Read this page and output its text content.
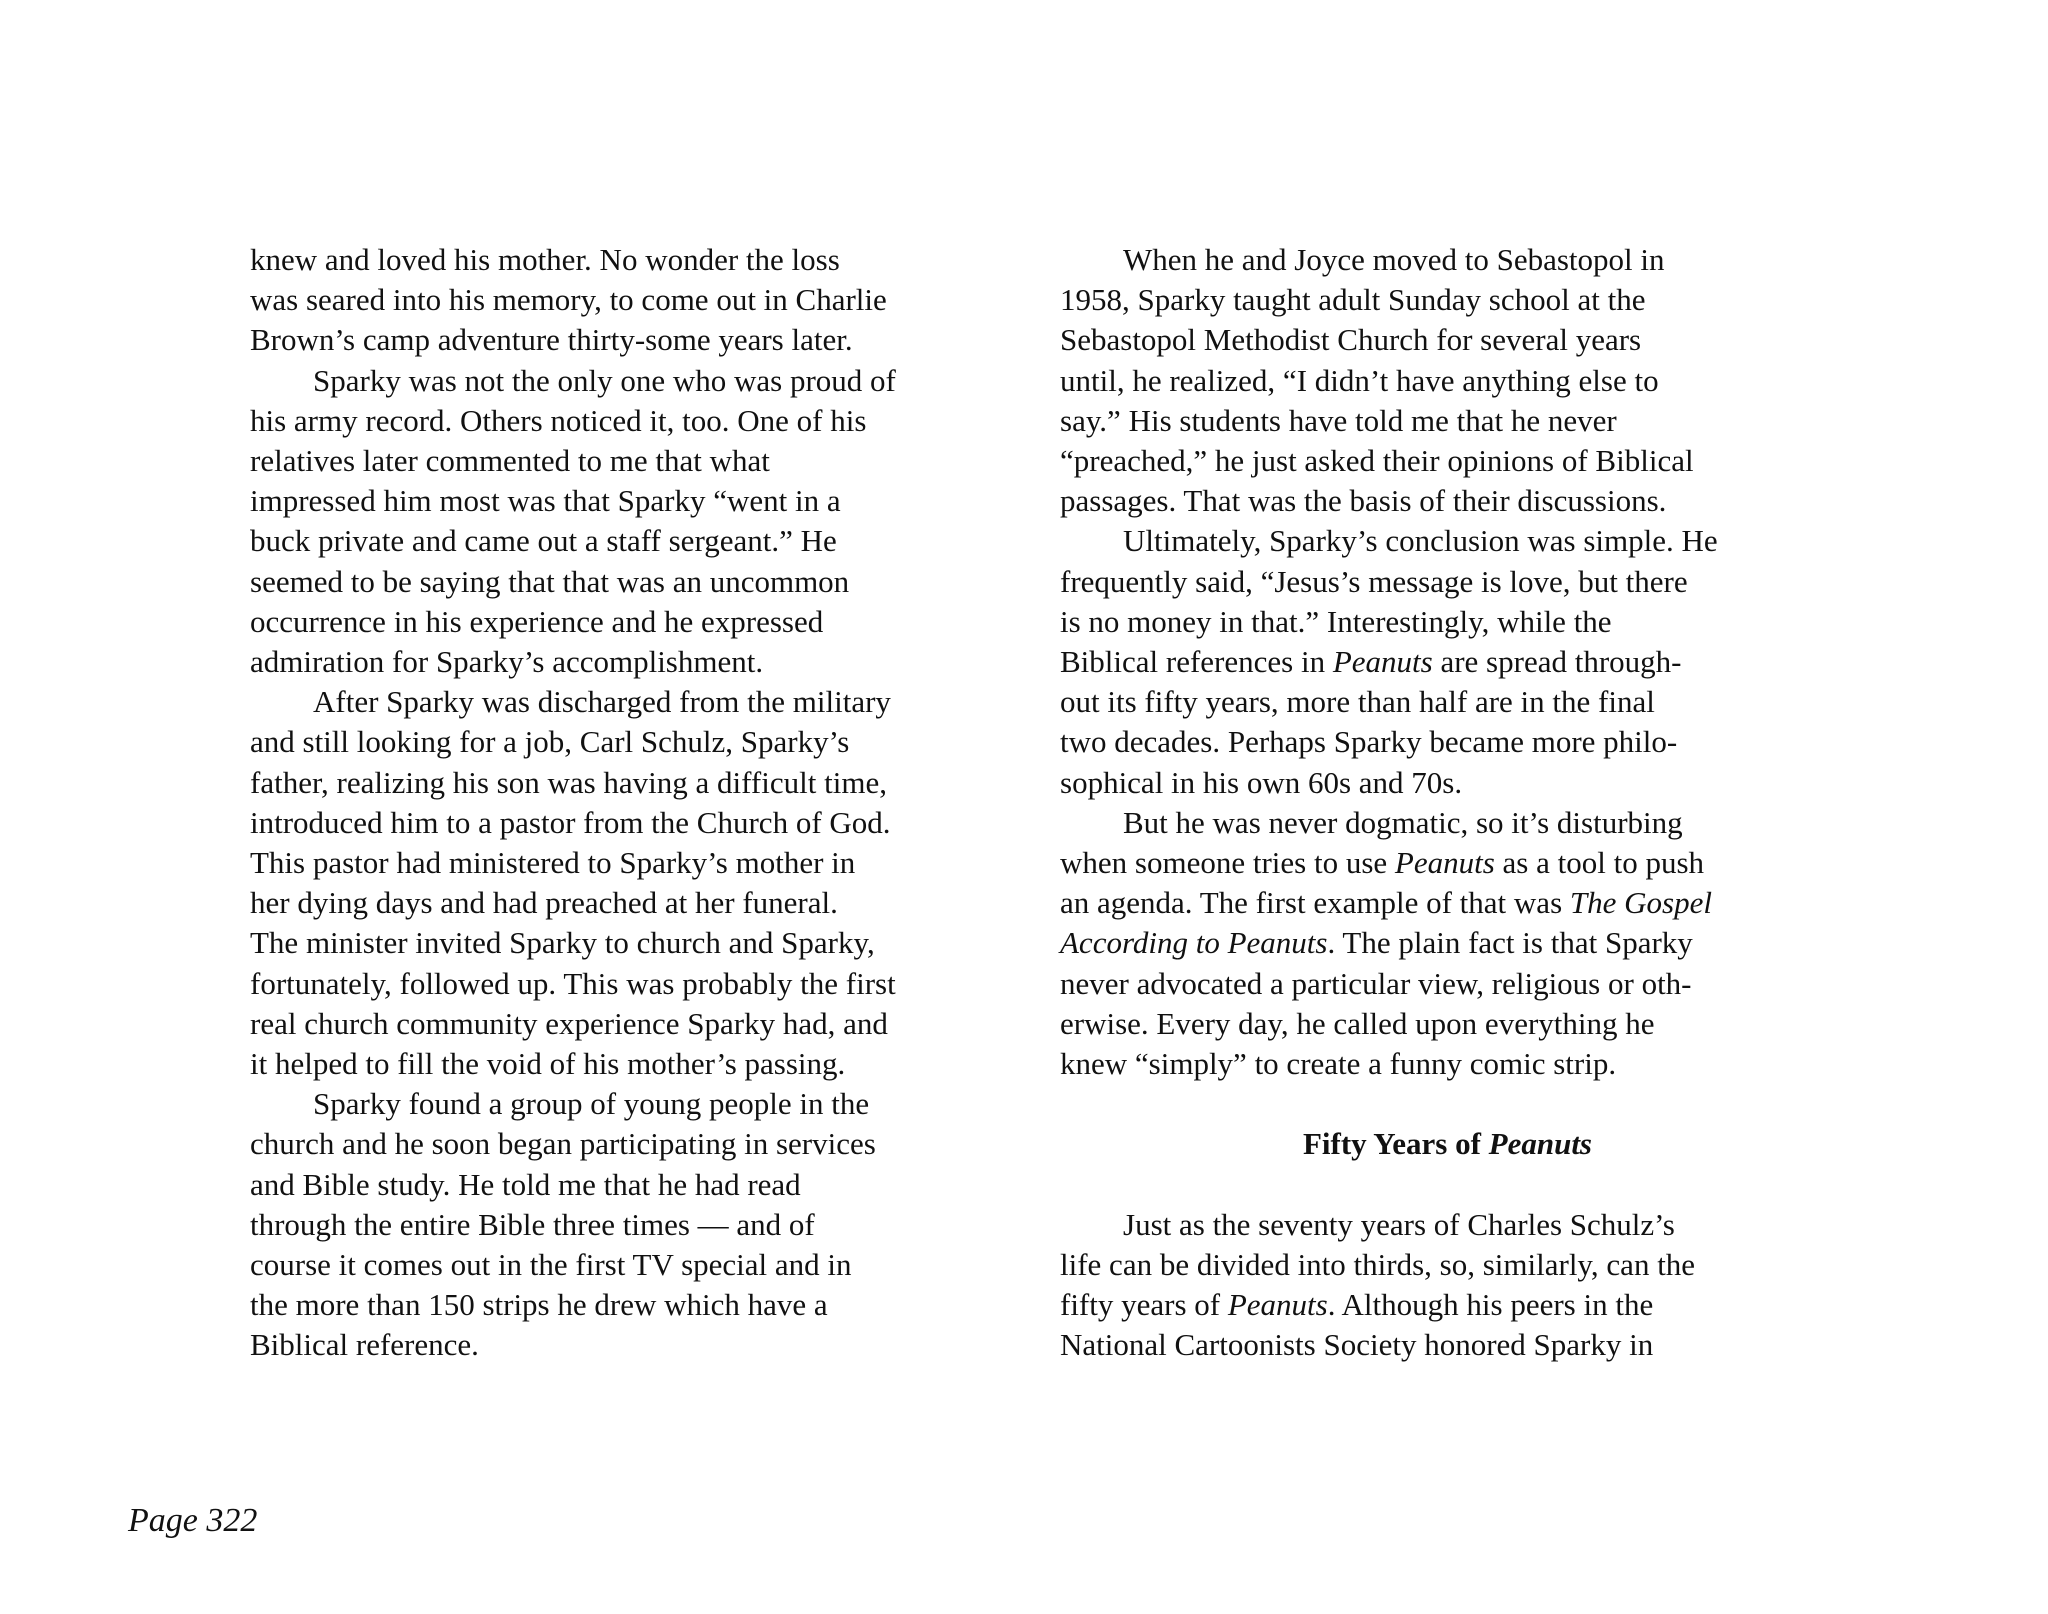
knew and loved his mother. No wonder the loss
was seared into his memory, to come out in Charlie
Brown’s camp adventure thirty-some years later.
Sparky was not the only one who was proud of
his army record. Others noticed it, too. One of his
relatives later commented to me that what
impressed him most was that Sparky “went in a
buck private and came out a staff sergeant.” He
seemed to be saying that that was an uncommon
occurrence in his experience and he expressed
admiration for Sparky’s accomplishment.
After Sparky was discharged from the military
and still looking for a job, Carl Schulz, Sparky’s
father, realizing his son was having a difficult time,
introduced him to a pastor from the Church of God.
This pastor had ministered to Sparky’s mother in
her dying days and had preached at her funeral.
The minister invited Sparky to church and Sparky,
fortunately, followed up. This was probably the first
real church community experience Sparky had, and
it helped to fill the void of his mother’s passing.
Sparky found a group of young people in the
church and he soon began participating in services
and Bible study. He told me that he had read
through the entire Bible three times — and of
course it comes out in the first TV special and in
the more than 150 strips he drew which have a
Biblical reference.
When he and Joyce moved to Sebastopol in
1958, Sparky taught adult Sunday school at the
Sebastopol Methodist Church for several years
until, he realized, “I didn’t have anything else to
say.” His students have told me that he never
“preached,” he just asked their opinions of Biblical
passages. That was the basis of their discussions.
Ultimately, Sparky’s conclusion was simple. He
frequently said, “Jesus’s message is love, but there
is no money in that.” Interestingly, while the
Biblical references in Peanuts are spread through-
out its fifty years, more than half are in the final
two decades. Perhaps Sparky became more philo-
sophical in his own 60s and 70s.
But he was never dogmatic, so it’s disturbing
when someone tries to use Peanuts as a tool to push
an agenda. The first example of that was The Gospel
According to Peanuts. The plain fact is that Sparky
never advocated a particular view, religious or oth-
erwise. Every day, he called upon everything he
knew “simply” to create a funny comic strip.
Fifty Years of Peanuts
Just as the seventy years of Charles Schulz’s
life can be divided into thirds, so, similarly, can the
fifty years of Peanuts. Although his peers in the
National Cartoonists Society honored Sparky in
Page 322
